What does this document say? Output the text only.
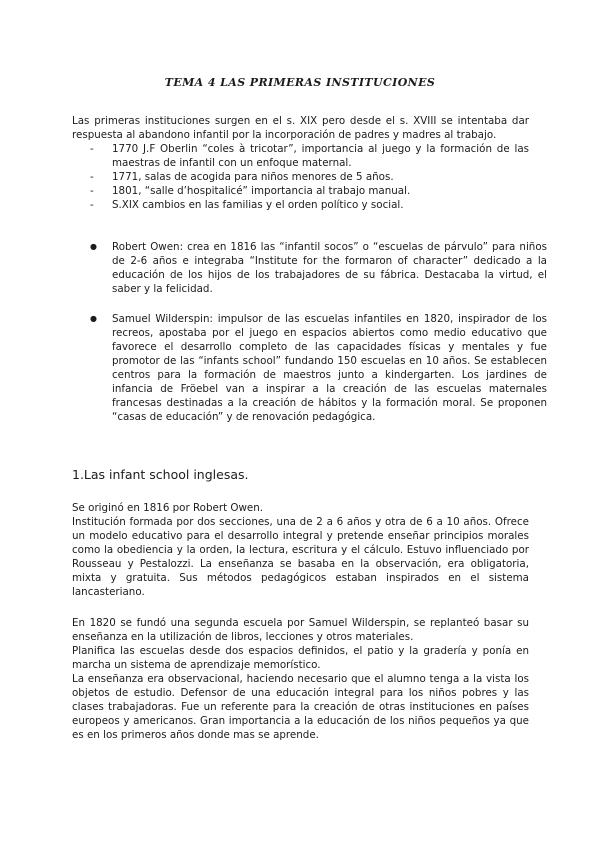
TEMA 4 LAS PRIMERAS INSTITUCIONES

Las primeras instituciones surgen en el s. XIX pero desde el s. XVIII se intentaba dar respuesta al abandono infantil por la incorporación de padres y madres al trabajo.

- 1770 J.F Oberlin “coles à tricotar”, importancia al juego y la formación de las maestras de infantil con un enfoque maternal.
- 1771, salas de acogida para niños menores de 5 años.
- 1801, “salle d’hospitalicé” importancia al trabajo manual.
- S.XIX cambios en las familias y el orden político y social.
● Robert Owen: crea en 1816 las “infantil socos” o “escuelas de párvulo” para niños de 2-6 años e integraba “Institute for the formaron of character” dedicado a la educación de los hijos de los trabajadores de su fábrica. Destacaba la virtud, el saber y la felicidad.
● Samuel Wilderspin: impulsor de las escuelas infantiles en 1820, inspirador de los recreos, apostaba por el juego en espacios abiertos como medio educativo que favorece el desarrollo completo de las capacidades físicas y mentales y fue promotor de las “infants school” fundando 150 escuelas en 10 años. Se establecen centros para la formación de maestros junto a kindergarten. Los jardines de infancia de Fröebel van a inspirar a la creación de las escuelas maternales francesas destinadas a la creación de hábitos y la formación moral. Se proponen “casas de educación” y de renovación pedagógica.
1.Las infant school inglesas.

Se originó en 1816 por Robert Owen.

Institución formada por dos secciones, una de 2 a 6 años y otra de 6 a 10 años. Ofrece un modelo educativo para el desarrollo integral y pretende enseñar principios morales como la obediencia y la orden, la lectura, escritura y el cálculo. Estuvo influenciado por Rousseau y Pestalozzi. La enseñanza se basaba en la observación, era obligatoria, mixta y gratuita. Sus métodos pedagógicos estaban inspirados en el sistema lancasteriano.

En 1820 se fundó una segunda escuela por Samuel Wilderspin, se replanteó basar su enseñanza en la utilización de libros, lecciones y otros materiales.

Planifica las escuelas desde dos espacios definidos, el patio y la gradería y ponía en marcha un sistema de aprendizaje memorístico.

La enseñanza era observacional, haciendo necesario que el alumno tenga a la vista los objetos de estudio. Defensor de una educación integral para los niños pobres y las clases trabajadoras. Fue un referente para la creación de otras instituciones en países europeos y americanos. Gran importancia a la educación de los niños pequeños ya que es en los primeros años donde mas se aprende.
